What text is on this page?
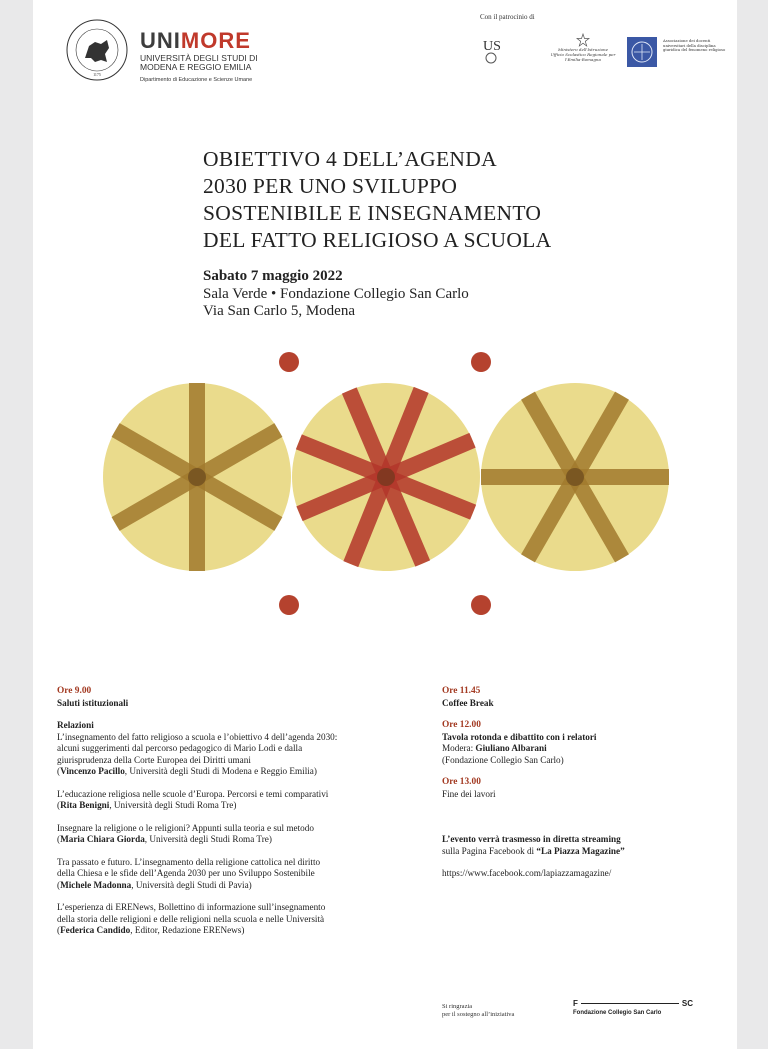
1175
UNIMORE
UNIVERSITÀ DEGLI STUDI DI
MODENA E REGGIO EMILIA
Dipartimento di Educazione e Scienze Umane
Con il patrocinio di
US	Ministero dell'Istruzione
Ufficio Scolastico Regionale per l'Emilia-Romagna
Associazione dei docenti universitari della disciplina giuridica del fenomeno religioso
OBIETTIVO 4 DELL’AGENDA
2030 PER UNO SVILUPPO
SOSTENIBILE E INSEGNAMENTO
DEL FATTO RELIGIOSO A SCUOLA
Sabato 7 maggio 2022
Sala Verde • Fondazione Collegio San Carlo
Via San Carlo 5, Modena
Ore 9.00
Saluti istituzionali
Relazioni
L’insegnamento del fatto religioso a scuola e l’obiettivo 4 dell’agenda 2030:
alcuni suggerimenti dal percorso pedagogico di Mario Lodi e dalla
giurisprudenza della Corte Europea dei Diritti umani
(Vincenzo Pacillo, Università degli Studi di Modena e Reggio Emilia)
L’educazione religiosa nelle scuole d’Europa. Percorsi e temi comparativi
(Rita Benigni, Università degli Studi Roma Tre)
Insegnare la religione o le religioni? Appunti sulla teoria e sul metodo
(Maria Chiara Giorda, Università degli Studi Roma Tre)
Tra passato e futuro. L’insegnamento della religione cattolica nel diritto
della Chiesa e le sfide dell’Agenda 2030 per uno Sviluppo Sostenibile
(Michele Madonna, Università degli Studi di Pavia)
L’esperienza di ERENews, Bollettino di informazione sull’insegnamento
della storia delle religioni e delle religioni nella scuola e nelle Università
(Federica Candido, Editor, Redazione ERENews)
Ore 11.45
Coffee Break
Ore 12.00
Tavola rotonda e dibattito con i relatori
Modera: Giuliano Albarani
(Fondazione Collegio San Carlo)
Ore 13.00
Fine dei lavori
L’evento verrà trasmesso in diretta streaming
sulla Pagina Facebook di “La Piazza Magazine”
https://www.facebook.com/lapiazzamagazine/
Si ringrazia
per il sostegno all’iniziativa
F	SC
Fondazione Collegio San Carlo
